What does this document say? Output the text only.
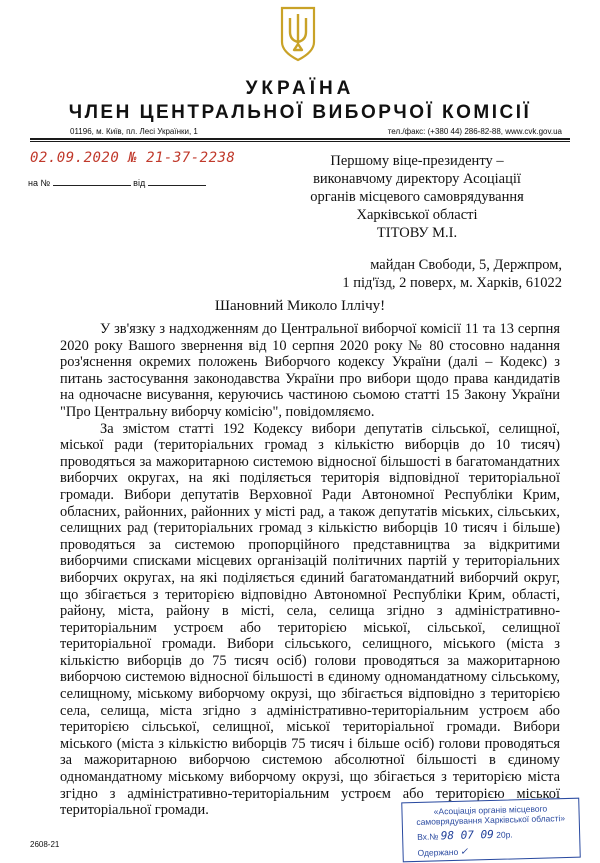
УКРАЇНА
ЧЛЕН ЦЕНТРАЛЬНОЇ ВИБОРЧОЇ КОМІСІЇ
01196, м. Київ, пл. Лесі Українки, 1	тел./факс: (+380 44) 286-82-88, www.cvk.gov.ua
02.09.2020 № 21-37-2238
на №	від
Першому віце-президенту –
виконавчому директору Асоціації
органів місцевого самоврядування
Харківської області
ТІТОВУ М.І.
майдан Свободи, 5, Держпром,
1 під'їзд, 2 поверх, м. Харків, 61022
Шановний Миколо Іллічу!

У зв'язку з надходженням до Центральної виборчої комісії 11 та 13 серпня 2020 року Вашого звернення від 10 серпня 2020 року № 80 стосовно надання роз'яснення окремих положень Виборчого кодексу України (далі – Кодекс) з питань застосування законодавства України про вибори щодо права кандидатів на одночасне висування, керуючись частиною сьомою статті 15 Закону України "Про Центральну виборчу комісію", повідомляємо.

За змістом статті 192 Кодексу вибори депутатів сільської, селищної, міської ради (територіальних громад з кількістю виборців до 10 тисяч) проводяться за мажоритарною системою відносної більшості в багатомандатних виборчих округах, на які поділяється територія відповідної територіальної громади. Вибори депутатів Верховної Ради Автономної Республіки Крим, обласних, районних, районних у місті рад, а також депутатів міських, сільських, селищних рад (територіальних громад з кількістю виборців 10 тисяч і більше) проводяться за системою пропорційного представництва за відкритими виборчими списками місцевих організацій політичних партій у територіальних виборчих округах, на які поділяється єдиний багатомандатний виборчий округ, що збігається з територією відповідно Автономної Республіки Крим, області, району, міста, району в місті, села, селища згідно з адміністративно-територіальним устроєм або територією міської, сільської, селищної територіальної громади. Вибори сільського, селищного, міського (міста з кількістю виборців до 75 тисяч осіб) голови проводяться за мажоритарною виборчою системою відносної більшості в єдиному одномандатному сільському, селищному, міському виборчому окрузі, що збігається відповідно з територією села, селища, міста згідно з адміністративно-територіальним устроєм або територією сільської, селищної, міської територіальної громади. Вибори міського (міста з кількістю виборців 75 тисяч і більше осіб) голови проводяться за мажоритарною виборчою системою абсолютної більшості в єдиному одномандатному міському виборчому окрузі, що збігається з територією міста згідно з адміністративно-територіальним устроєм або територією міської територіальної громади.

2608-21
«Асоціація органів місцевого самоврядування Харківської області»
Вх.№ 98 07 09 20р.
Одержано ✓
